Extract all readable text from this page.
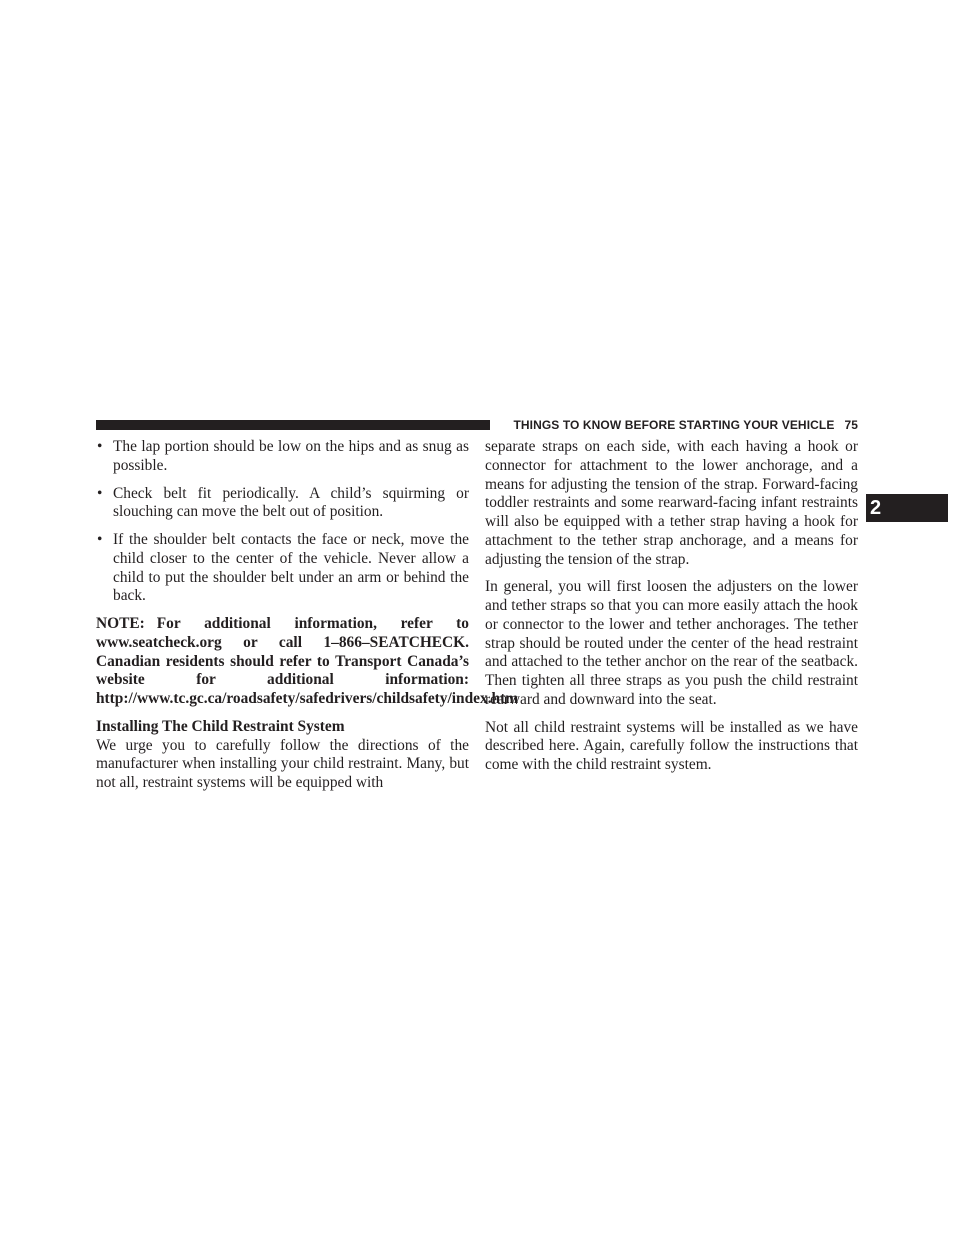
THINGS TO KNOW BEFORE STARTING YOUR VEHICLE 75
2
• The lap portion should be low on the hips and as snug as possible.
• Check belt fit periodically. A child’s squirming or slouching can move the belt out of position.
• If the shoulder belt contacts the face or neck, move the child closer to the center of the vehicle. Never allow a child to put the shoulder belt under an arm or behind the back.

NOTE: For additional information, refer to www.seatcheck.org or call 1–866–SEATCHECK. Canadian residents should refer to Transport Canada’s website for additional information: http://www.tc.gc.ca/roadsafety/safedrivers/childsafety/index.htm

Installing The Child Restraint System

We urge you to carefully follow the directions of the manufacturer when installing your child restraint. Many, but not all, restraint systems will be equipped with

separate straps on each side, with each having a hook or connector for attachment to the lower anchorage, and a means for adjusting the tension of the strap. Forward-facing toddler restraints and some rearward-facing infant restraints will also be equipped with a tether strap having a hook for attachment to the tether strap anchorage, and a means for adjusting the tension of the strap.

In general, you will first loosen the adjusters on the lower and tether straps so that you can more easily attach the hook or connector to the lower and tether anchorages. The tether strap should be routed under the center of the head restraint and attached to the tether anchor on the rear of the seatback. Then tighten all three straps as you push the child restraint rearward and downward into the seat.

Not all child restraint systems will be installed as we have described here. Again, carefully follow the instructions that come with the child restraint system.
